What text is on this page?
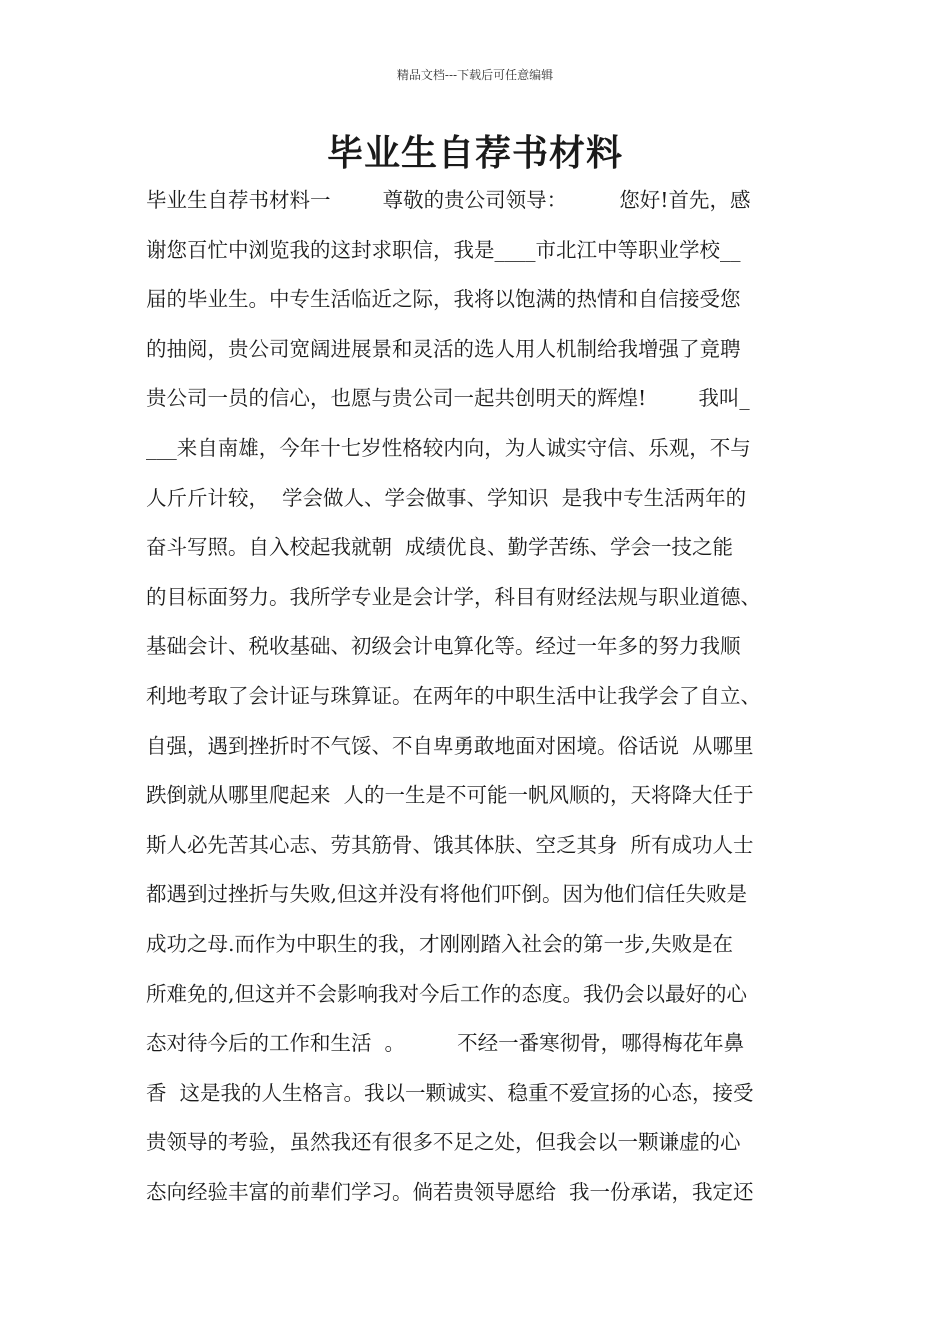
精品文档---下载后可任意编辑
毕业生自荐书材料
毕业生自荐书材料一        尊敬的贵公司领导：        您好!首先，感
谢您百忙中浏览我的这封求职信，我是____市北江中等职业学校__
届的毕业生。中专生活临近之际，我将以饱满的热情和自信接受您
的抽阅，贵公司宽阔进展景和灵活的选人用人机制给我增强了竟聘
贵公司一员的信心，也愿与贵公司一起共创明天的辉煌!        我叫_
___来自南雄，今年十七岁性格较内向，为人诚实守信、乐观，不与
人斤斤计较，  学会做人、学会做事、学知识  是我中专生活两年的
奋斗写照。自入校起我就朝  成绩优良、勤学苦练、学会一技之能
的目标面努力。我所学专业是会计学，科目有财经法规与职业道德、
基础会计、税收基础、初级会计电算化等。经过一年多的努力我顺
利地考取了会计证与珠算证。在两年的中职生活中让我学会了自立、
自强，遇到挫折时不气馁、不自卑勇敢地面对困境。俗话说  从哪里
跌倒就从哪里爬起来  人的一生是不可能一帆风顺的，天将降大任于
斯人必先苦其心志、劳其筋骨、饿其体肤、空乏其身  所有成功人士
都遇到过挫折与失败,但这并没有将他们吓倒。因为他们信任失败是
成功之母.而作为中职生的我，才刚刚踏入社会的第一步,失败是在
所难免的,但这并不会影响我对今后工作的态度。我仍会以最好的心
态对待今后的工作和生活  。        不经一番寒彻骨，哪得梅花年鼻
香  这是我的人生格言。我以一颗诚实、稳重不爱宣扬的心态，接受
贵领导的考验，虽然我还有很多不足之处，但我会以一颗谦虚的心
态向经验丰富的前辈们学习。倘若贵领导愿给  我一份承诺，我定还
